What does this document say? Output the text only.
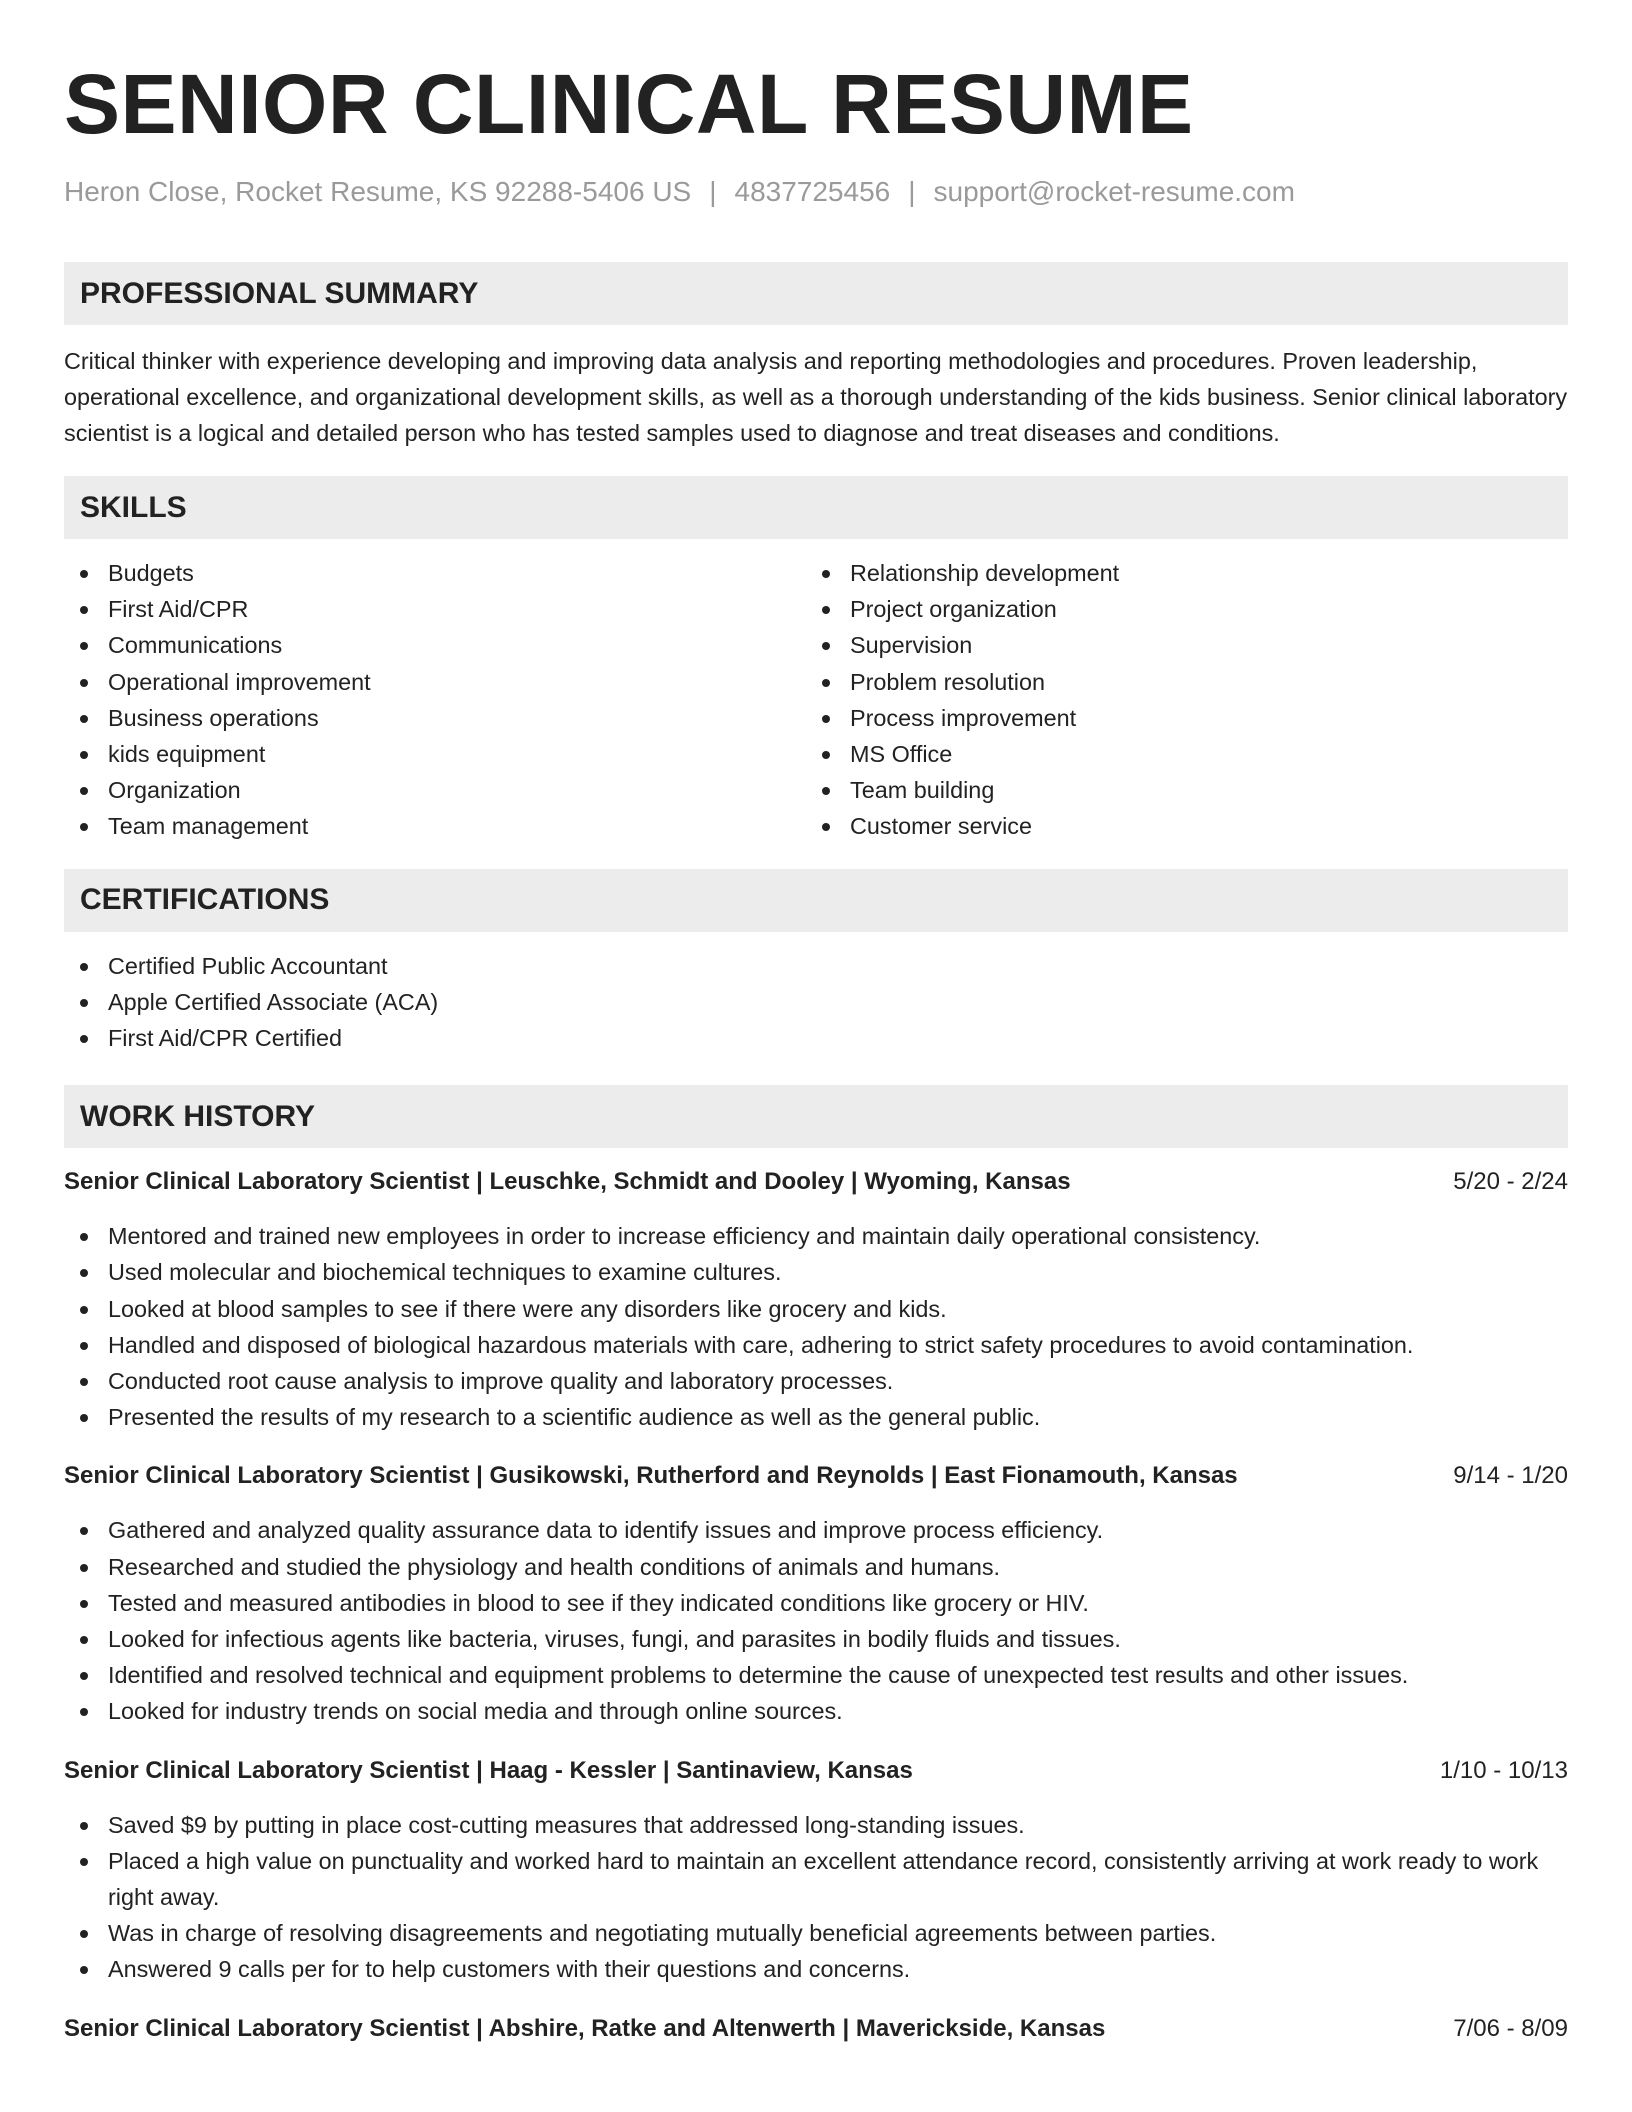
SENIOR CLINICAL RESUME
Heron Close, Rocket Resume, KS 92288-5406 US | 4837725456 | support@rocket-resume.com
PROFESSIONAL SUMMARY

Critical thinker with experience developing and improving data analysis and reporting methodologies and procedures. Proven leadership, operational excellence, and organizational development skills, as well as a thorough understanding of the kids business. Senior clinical laboratory scientist is a logical and detailed person who has tested samples used to diagnose and treat diseases and conditions.

SKILLS
Budgets
First Aid/CPR
Communications
Operational improvement
Business operations
kids equipment
Organization
Team management
Relationship development
Project organization
Supervision
Problem resolution
Process improvement
MS Office
Team building
Customer service
CERTIFICATIONS
Certified Public Accountant
Apple Certified Associate (ACA)
First Aid/CPR Certified
WORK HISTORY
Senior Clinical Laboratory Scientist | Leuschke, Schmidt and Dooley | Wyoming, Kansas	5/20 - 2/24
Mentored and trained new employees in order to increase efficiency and maintain daily operational consistency.
Used molecular and biochemical techniques to examine cultures.
Looked at blood samples to see if there were any disorders like grocery and kids.
Handled and disposed of biological hazardous materials with care, adhering to strict safety procedures to avoid contamination.
Conducted root cause analysis to improve quality and laboratory processes.
Presented the results of my research to a scientific audience as well as the general public.
Senior Clinical Laboratory Scientist | Gusikowski, Rutherford and Reynolds | East Fionamouth, Kansas	9/14 - 1/20
Gathered and analyzed quality assurance data to identify issues and improve process efficiency.
Researched and studied the physiology and health conditions of animals and humans.
Tested and measured antibodies in blood to see if they indicated conditions like grocery or HIV.
Looked for infectious agents like bacteria, viruses, fungi, and parasites in bodily fluids and tissues.
Identified and resolved technical and equipment problems to determine the cause of unexpected test results and other issues.
Looked for industry trends on social media and through online sources.
Senior Clinical Laboratory Scientist | Haag - Kessler | Santinaview, Kansas	1/10 - 10/13
Saved $9 by putting in place cost-cutting measures that addressed long-standing issues.
Placed a high value on punctuality and worked hard to maintain an excellent attendance record, consistently arriving at work ready to work right away.
Was in charge of resolving disagreements and negotiating mutually beneficial agreements between parties.
Answered 9 calls per for to help customers with their questions and concerns.
Senior Clinical Laboratory Scientist | Abshire, Ratke and Altenwerth | Maverickside, Kansas	7/06 - 8/09
